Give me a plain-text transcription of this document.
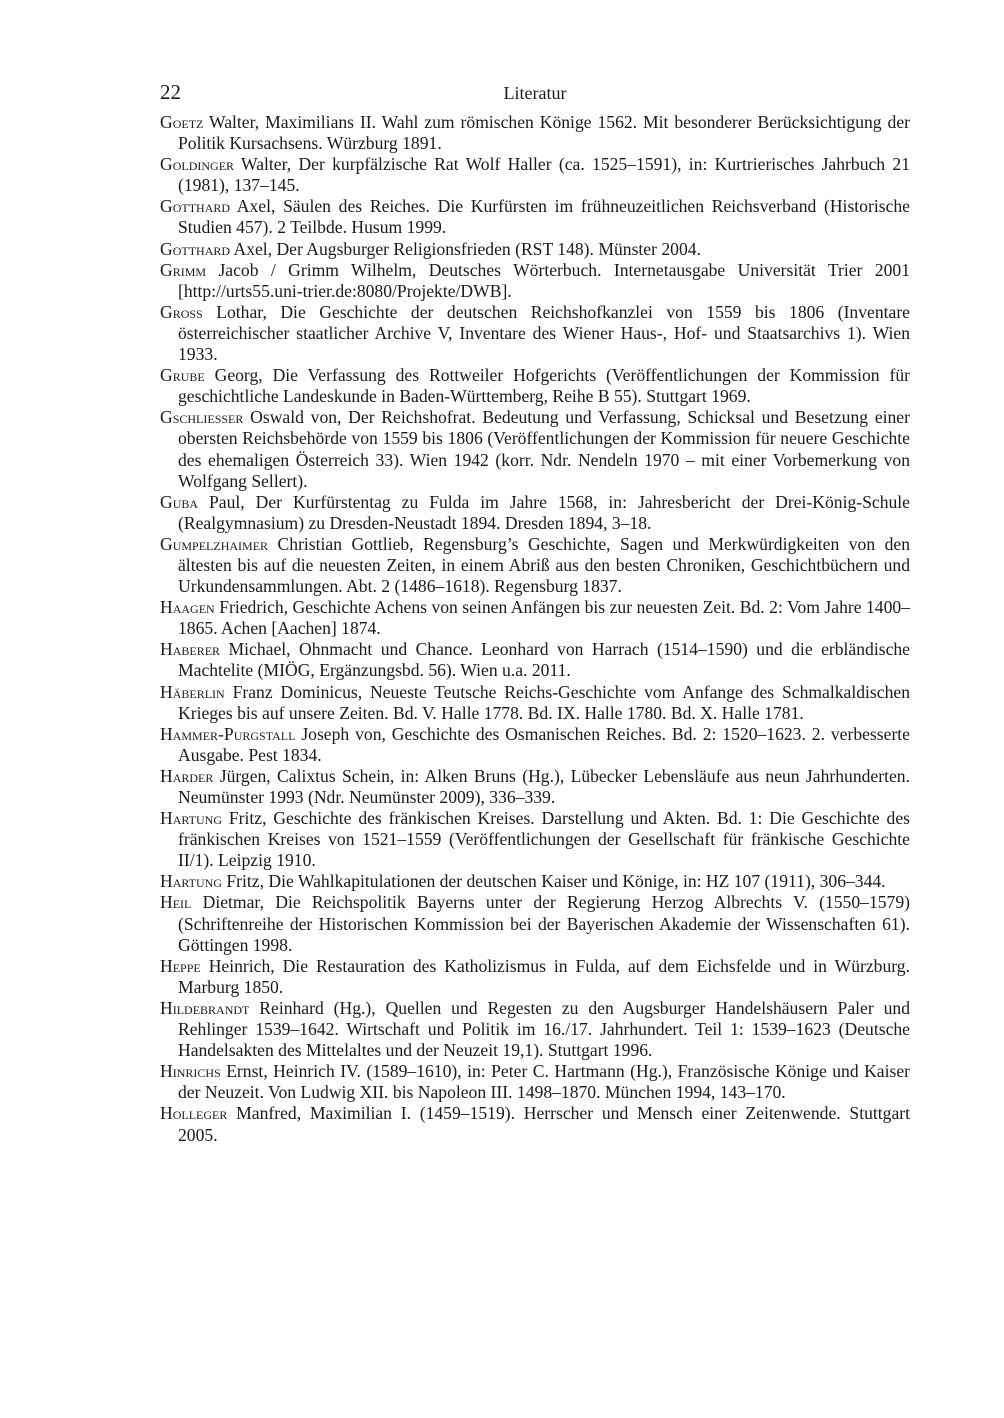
22	Literatur

Goetz Walter, Maximilians II. Wahl zum römischen Könige 1562. Mit besonderer Berücksichtigung der Politik Kursachsens. Würzburg 1891.

Goldinger Walter, Der kurpfälzische Rat Wolf Haller (ca. 1525–1591), in: Kurtrierisches Jahrbuch 21 (1981), 137–145.

Gotthard Axel, Säulen des Reiches. Die Kurfürsten im frühneuzeitlichen Reichsverband (Historische Studien 457). 2 Teilbde. Husum 1999.

Gotthard Axel, Der Augsburger Religionsfrieden (RST 148). Münster 2004.

Grimm Jacob / Grimm Wilhelm, Deutsches Wörterbuch. Internetausgabe Universität Trier 2001 [http://urts55.uni-trier.de:8080/Projekte/DWB].

Gross Lothar, Die Geschichte der deutschen Reichshofkanzlei von 1559 bis 1806 (Inventare österreichischer staatlicher Archive V, Inventare des Wiener Haus-, Hof- und Staatsarchivs 1). Wien 1933.

Grube Georg, Die Verfassung des Rottweiler Hofgerichts (Veröffentlichungen der Kommission für geschichtliche Landeskunde in Baden-Württemberg, Reihe B 55). Stuttgart 1969.

Gschliesser Oswald von, Der Reichshofrat. Bedeutung und Verfassung, Schicksal und Besetzung einer obersten Reichsbehörde von 1559 bis 1806 (Veröffentlichungen der Kommission für neuere Geschichte des ehemaligen Österreich 33). Wien 1942 (korr. Ndr. Nendeln 1970 – mit einer Vorbemerkung von Wolfgang Sellert).

Guba Paul, Der Kurfürstentag zu Fulda im Jahre 1568, in: Jahresbericht der Drei-König-Schule (Realgymnasium) zu Dresden-Neustadt 1894. Dresden 1894, 3–18.

Gumpelzhaimer Christian Gottlieb, Regensburg’s Geschichte, Sagen und Merkwürdigkeiten von den ältesten bis auf die neuesten Zeiten, in einem Abriß aus den besten Chroniken, Geschichtbüchern und Urkundensammlungen. Abt. 2 (1486–1618). Regensburg 1837.

Haagen Friedrich, Geschichte Achens von seinen Anfängen bis zur neuesten Zeit. Bd. 2: Vom Jahre 1400–1865. Achen [Aachen] 1874.

Haberer Michael, Ohnmacht und Chance. Leonhard von Harrach (1514–1590) und die erbländische Machtelite (MIÖG, Ergänzungsbd. 56). Wien u.a. 2011.

Häberlin Franz Dominicus, Neueste Teutsche Reichs-Geschichte vom Anfange des Schmalkaldischen Krieges bis auf unsere Zeiten. Bd. V. Halle 1778. Bd. IX. Halle 1780. Bd. X. Halle 1781.

Hammer-Purgstall Joseph von, Geschichte des Osmanischen Reiches. Bd. 2: 1520–1623. 2. verbesserte Ausgabe. Pest 1834.

Harder Jürgen, Calixtus Schein, in: Alken Bruns (Hg.), Lübecker Lebensläufe aus neun Jahrhunderten. Neumünster 1993 (Ndr. Neumünster 2009), 336–339.

Hartung Fritz, Geschichte des fränkischen Kreises. Darstellung und Akten. Bd. 1: Die Geschichte des fränkischen Kreises von 1521–1559 (Veröffentlichungen der Gesellschaft für fränkische Geschichte II/1). Leipzig 1910.

Hartung Fritz, Die Wahlkapitulationen der deutschen Kaiser und Könige, in: HZ 107 (1911), 306–344.

Heil Dietmar, Die Reichspolitik Bayerns unter der Regierung Herzog Albrechts V. (1550–1579) (Schriftenreihe der Historischen Kommission bei der Bayerischen Akademie der Wissenschaften 61). Göttingen 1998.

Heppe Heinrich, Die Restauration des Katholizismus in Fulda, auf dem Eichsfelde und in Würzburg. Marburg 1850.

Hildebrandt Reinhard (Hg.), Quellen und Regesten zu den Augsburger Handelshäusern Paler und Rehlinger 1539–1642. Wirtschaft und Politik im 16./17. Jahrhundert. Teil 1: 1539–1623 (Deutsche Handelsakten des Mittelaltes und der Neuzeit 19,1). Stuttgart 1996.

Hinrichs Ernst, Heinrich IV. (1589–1610), in: Peter C. Hartmann (Hg.), Französische Könige und Kaiser der Neuzeit. Von Ludwig XII. bis Napoleon III. 1498–1870. München 1994, 143–170.

Holleger Manfred, Maximilian I. (1459–1519). Herrscher und Mensch einer Zeitenwende. Stuttgart 2005.
